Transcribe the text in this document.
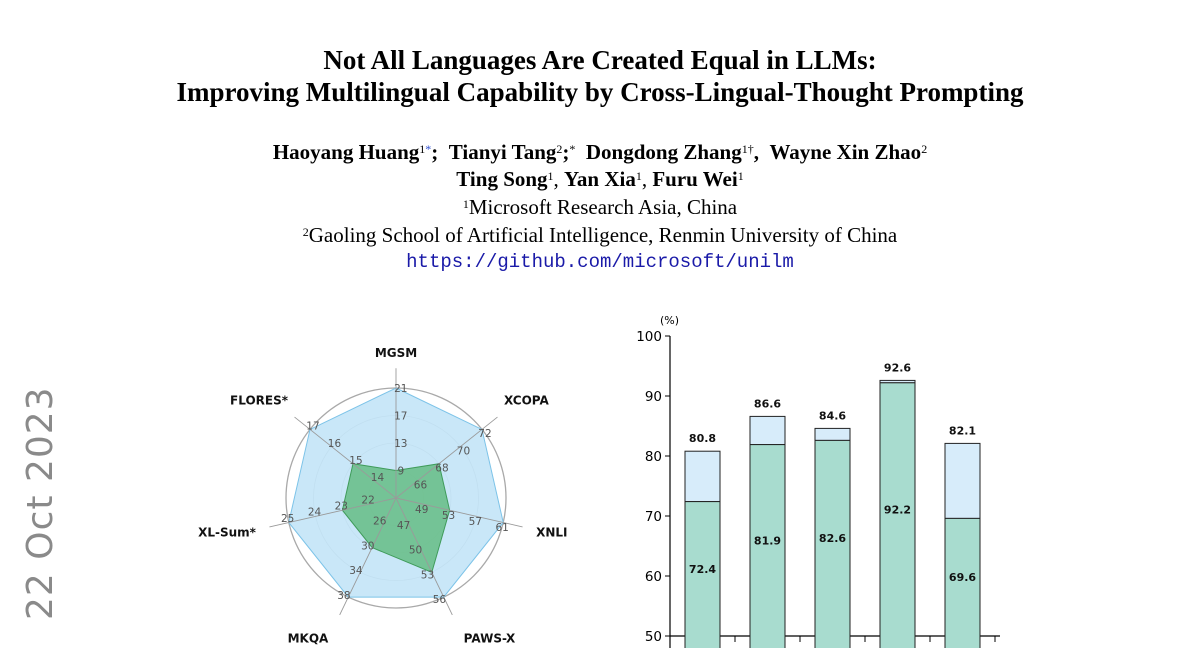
Not All Languages Are Created Equal in LLMs:
Improving Multilingual Capability by Cross-Lingual-Thought Prompting
Haoyang Huang$^{1*}$; Tianyi Tang$^2$;* Dongdong Zhang$^{1\dagger}$, Wayne Xin Zhao$^2$
Ting Song$^1$, Yan Xia$^1$, Furu Wei$^1$
$^1$Microsoft Research Asia, China
$^2$Gaoling School of Artificial Intelligence, Renmin University of China
https://github.com/microsoft/unilm
22 Oct 2023	9
13
17
21
66
68
70
72
49
53
57
61
47
50
53
56
26
30
34
38
22
23
24
25
14
15
16
17
MGSM
XCOPA
XNLI
PAWS-X
MKQA
XL-Sum*
FLORES*
50
60
70
80
90
100
(%)
80.8
72.4
86.6
81.9
84.6
82.6
92.6
92.2
82.1
69.6
